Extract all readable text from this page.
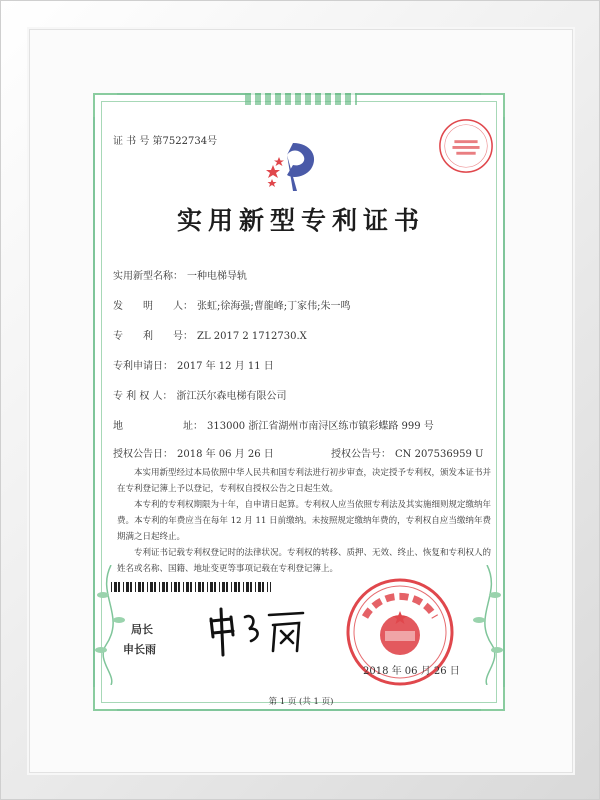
证 书 号 第7522734号
实用新型专利证书
实用新型名称： 一种电梯导轨
发　　明　　人： 张虹;徐海强;曹龍峰;丁家伟;朱一鸣
专　　利　　号： ZL 2017 2 1712730.X
专利申请日： 2017 年 12 月 11 日
专 利 权 人： 浙江沃尔森电梯有限公司
地　　　　　　址： 313000 浙江省湖州市南浔区练市镇彩蝶路 999 号
授权公告日： 2018 年 06 月 26 日	授权公告号： CN 207536959 U
本实用新型经过本局依照中华人民共和国专利法进行初步审查，决定授予专利权，颁发本证书并在专利登记簿上予以登记，专利权自授权公告之日起生效。
本专利的专利权期限为十年，自申请日起算。专利权人应当依照专利法及其实施细则规定缴纳年费。本专利的年费应当在每年 12 月 11 日前缴纳。未按照规定缴纳年费的，专利权自应当缴纳年费期满之日起终止。
专利证书记载专利权登记时的法律状况。专利权的转移、质押、无效、终止、恢复和专利权人的姓名或名称、国籍、地址变更等事项记载在专利登记簿上。
局长
申长雨
2018 年 06 月 26 日
第 1 页 (共 1 页)
